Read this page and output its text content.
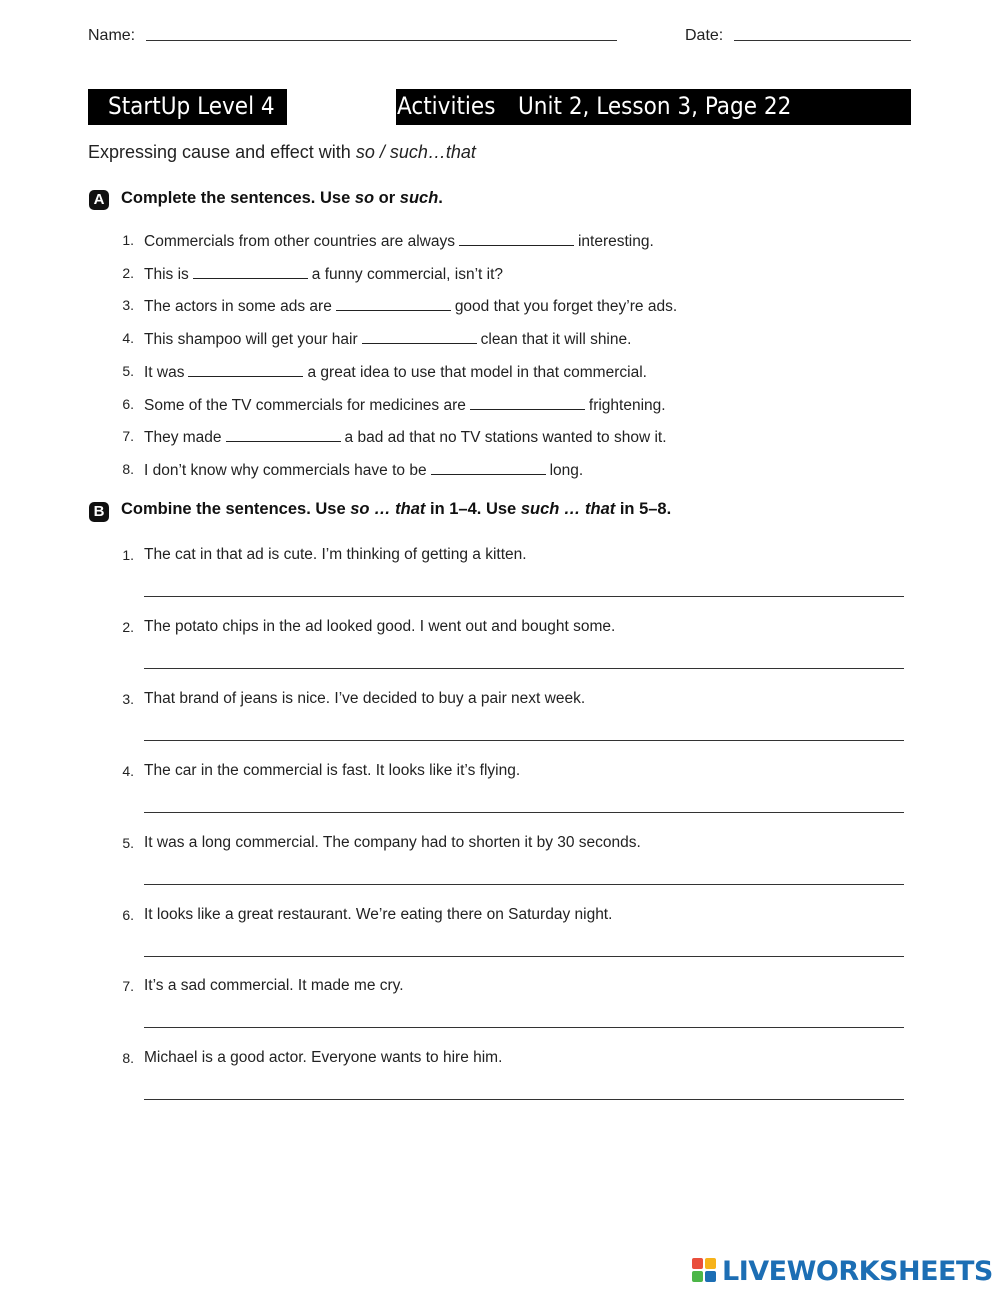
Name:	Date:
StartUp Level 4	Activities Unit 2, Lesson 3, Page 22
Expressing cause and effect with so / such…that
A Complete the sentences. Use so or such.
1. Commercials from other countries are always	interesting.
2. This is	a funny commercial, isn’t it?
3. The actors in some ads are	good that you forget they’re ads.
4. This shampoo will get your hair	clean that it will shine.
5. It was	a great idea to use that model in that commercial.
6. Some of the TV commercials for medicines are	frightening.
7. They made	a bad ad that no TV stations wanted to show it.
8. I don’t know why commercials have to be	long.
B Combine the sentences. Use so … that in 1–4. Use such … that in 5–8.
1. The cat in that ad is cute. I’m thinking of getting a kitten.
2. The potato chips in the ad looked good. I went out and bought some.
3. That brand of jeans is nice. I’ve decided to buy a pair next week.
4. The car in the commercial is fast. It looks like it’s flying.
5. It was a long commercial. The company had to shorten it by 30 seconds.
6. It looks like a great restaurant. We’re eating there on Saturday night.
7. It’s a sad commercial. It made me cry.
8. Michael is a good actor. Everyone wants to hire him.
LIVEWORKSHEETS
